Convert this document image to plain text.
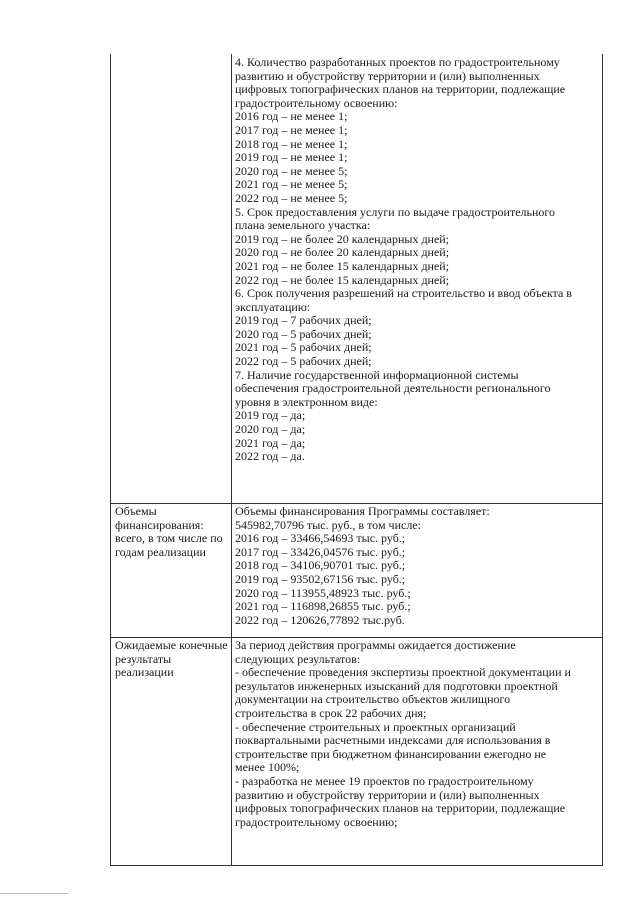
4. Количество разработанных проектов по градостроительному
развитию и обустройству территории и (или) выполненных
цифровых топографических планов на территории, подлежащие
градостроительному освоению:
2016 год – не менее 1;
2017 год – не менее 1;
2018 год – не менее 1;
2019 год – не менее 1;
2020 год – не менее 5;
2021 год – не менее 5;
2022 год – не менее 5;
5. Срок предоставления услуги по выдаче градостроительного
плана земельного участка:
2019 год – не более 20 календарных дней;
2020 год – не более 20 календарных дней;
2021 год – не более 15 календарных дней;
2022 год – не более 15 календарных дней;
6. Срок получения разрешений на строительство и ввод объекта в
эксплуатацию:
2019 год – 7 рабочих дней;
2020 год – 5 рабочих дней;
2021 год – 5 рабочих дней;
2022 год – 5 рабочих дней;
7. Наличие государственной информационной системы
обеспечения градостроительной деятельности регионального
уровня в электронном виде:
2019 год – да;
2020 год – да;
2021 год – да;
2022 год – да.
Объемы
финансирования:
всего, в том числе по
годам реализации
Объемы финансирования Программы составляет:
545982,70796 тыс. руб., в том числе:
2016 год – 33466,54693 тыс. руб.;
2017 год – 33426,04576 тыс. руб.;
2018 год – 34106,90701 тыс. руб.;
2019 год – 93502,67156 тыс. руб.;
2020 год – 113955,48923 тыс. руб.;
2021 год – 116898,26855 тыс. руб.;
2022 год – 120626,77892 тыс.руб.
Ожидаемые конечные
результаты
реализации
За период действия программы ожидается достижение
следующих результатов:
- обеспечение проведения экспертизы проектной документации и
результатов инженерных изысканий для подготовки проектной
документации на строительство объектов жилищного
строительства в срок 22 рабочих дня;
- обеспечение строительных и проектных организаций
поквартальными расчетными индексами для использования в
строительстве при бюджетном финансировании ежегодно не
менее 100%;
- разработка не менее 19 проектов по градостроительному
развитию и обустройству территории и (или) выполненных
цифровых топографических планов на территории, подлежащие
градостроительному освоению;
